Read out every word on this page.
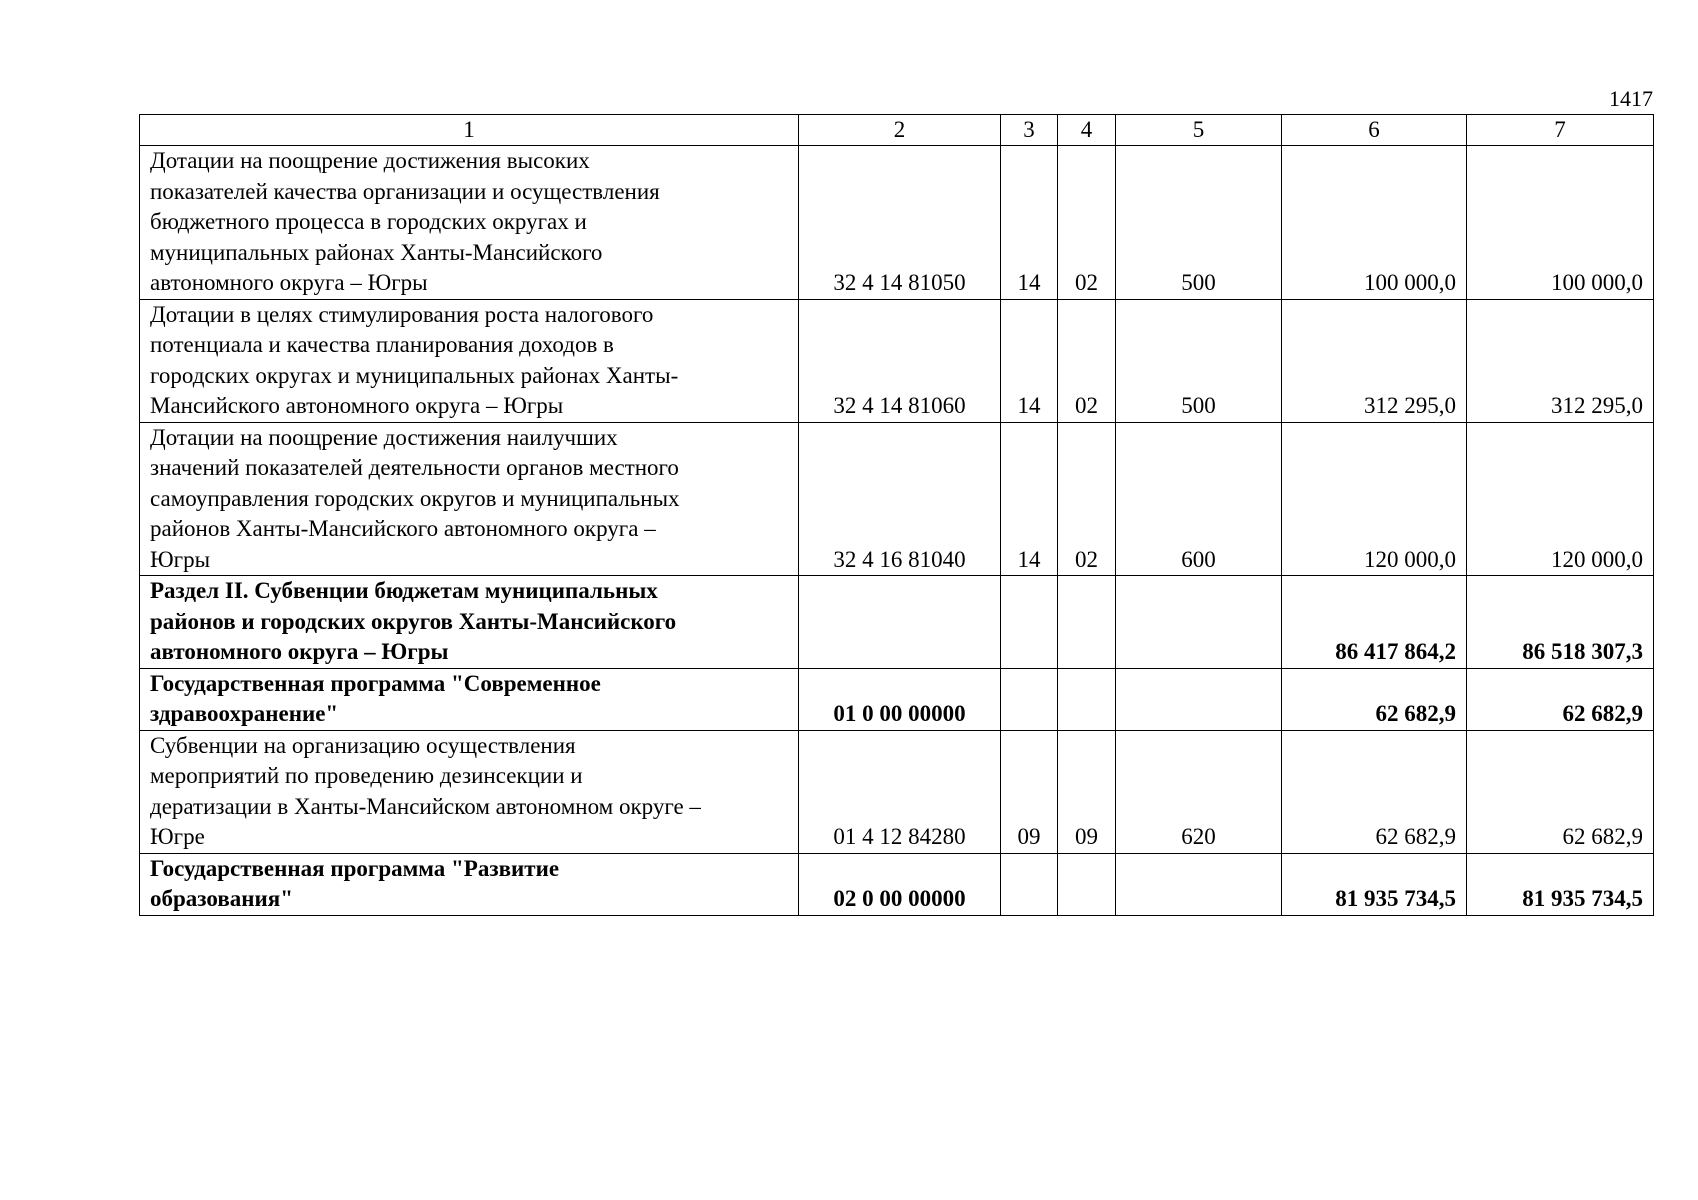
1417
1	2	3	4	5	6	7

Дотации на поощрение достижения высоких
показателей качества организации и осуществления
бюджетного процесса в городских округах и
муниципальных районах Ханты-Мансийского
автономного округа – Югры	32 4 14 81050	14	02	500	100 000,0	100 000,0

Дотации в целях стимулирования роста налогового
потенциала и качества планирования доходов в
городских округах и муниципальных районах Ханты-
Мансийского автономного округа – Югры	32 4 14 81060	14	02	500	312 295,0	312 295,0

Дотации на поощрение достижения наилучших
значений показателей деятельности органов местного
самоуправления городских округов и муниципальных
районов Ханты-Мансийского автономного округа –
Югры	32 4 16 81040	14	02	600	120 000,0	120 000,0

Раздел II. Субвенции бюджетам муниципальных
районов и городских округов Ханты-Мансийского
автономного округа – Югры					86 417 864,2	86 518 307,3

Государственная программа "Современное
здравоохранение"	01 0 00 00000				62 682,9	62 682,9

Субвенции на организацию осуществления
мероприятий по проведению дезинсекции и
дератизации в Ханты-Мансийском автономном округе –
Югре	01 4 12 84280	09	09	620	62 682,9	62 682,9

Государственная программа "Развитие
образования"	02 0 00 00000				81 935 734,5	81 935 734,5
